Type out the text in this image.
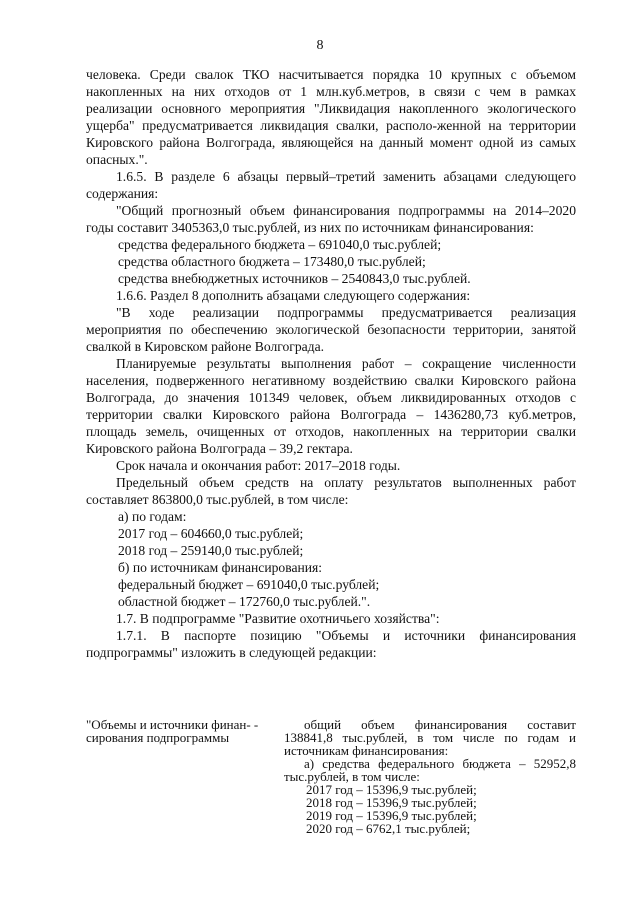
8

человека. Среди свалок ТКО насчитывается порядка 10 крупных с объемом накопленных на них отходов от 1 млн.куб.метров, в связи с чем в рамках реализации основного мероприятия "Ликвидация накопленного экологического ущерба" предусматривается ликвидация свалки, располо-женной на территории Кировского района Волгограда, являющейся на данный момент одной из самых опасных.".

1.6.5. В разделе 6 абзацы первый–третий заменить абзацами следующего содержания:

"Общий прогнозный объем финансирования подпрограммы на 2014–2020 годы составит 3405363,0 тыс.рублей, из них по источникам финансирования:

средства федерального бюджета – 691040,0 тыс.рублей;

средства областного бюджета – 173480,0 тыс.рублей;

средства внебюджетных источников – 2540843,0 тыс.рублей.

1.6.6. Раздел 8 дополнить абзацами следующего содержания:

"В ходе реализации подпрограммы предусматривается реализация мероприятия по обеспечению экологической безопасности территории, занятой свалкой в Кировском районе Волгограда.

Планируемые результаты выполнения работ – сокращение численности населения, подверженного негативному воздействию свалки Кировского района Волгограда, до значения 101349 человек, объем ликвидированных отходов с территории свалки Кировского района Волгограда – 1436280,73 куб.метров, площадь земель, очищенных от отходов, накопленных на территории свалки Кировского района Волгограда – 39,2 гектара.

Срок начала и окончания работ: 2017–2018 годы.

Предельный объем средств на оплату результатов выполненных работ составляет 863800,0 тыс.рублей, в том числе:

а) по годам:

2017 год – 604660,0 тыс.рублей;

2018 год – 259140,0 тыс.рублей;

б) по источникам финансирования:

федеральный бюджет – 691040,0 тыс.рублей;

областной бюджет – 172760,0 тыс.рублей.".

1.7. В подпрограмме "Развитие охотничьего хозяйства":

1.7.1. В паспорте позицию "Объемы и источники финансирования подпрограммы" изложить в следующей редакции:

"Объемы и источники финан- - сирования подпрограммы

общий объем финансирования составит 138841,8 тыс.рублей, в том числе по годам и источникам финансирования:

а) средства федерального бюджета – 52952,8 тыс.рублей, в том числе:

2017 год – 15396,9 тыс.рублей;

2018 год – 15396,9 тыс.рублей;

2019 год – 15396,9 тыс.рублей;

2020 год – 6762,1 тыс.рублей;
